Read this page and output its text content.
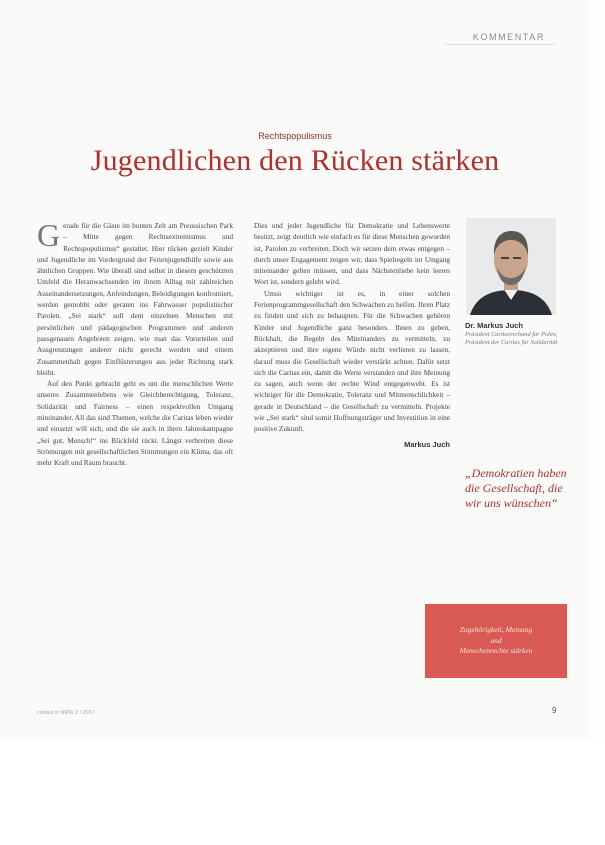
KOMMENTAR
Rechtspopulismus
Jugendlichen den Rücken stärken

Gerade für die Gäste im bunten Zelt am Preussischen Park – Mitte gegen Rechtsextremismus und Rechtspopulismus“ gestaltet. Hier rücken gezielt Kinder und Jugendliche im Vordergrund der Ferienjugendhilfe sowie aus ähnlichen Gruppen. Wie überall sind selbst in diesem geschützten Umfeld die Heranwachsenden im ihrem Alltag mit zahlreichen Auseinandersetzungen, Anfeindungen, Beleidigungen konfrontiert, werden gemobbt oder geraten ins Fahrwasser populistischer Parolen. „Sei stark“ soll dem einzelnen Menschen mit persönlichen und pädagogischen Programmen und anderen passgenauen Angeboten zeigen, wie man das Vorurteilen und Ausgrenzungen anderer nicht gerecht werden und einem Zusammenhalt gegen Einflüsterungen aus jeder Richtung stark bleibt.

Auf den Punkt gebracht geht es um die menschlichen Werte unseres Zusammenlebens wie Gleichberechtigung, Toleranz, Solidarität und Fairness – einen respektvollen Umgang miteinander. All das sind Themen, welche die Caritas leben wieder und einsetzt will sich, und die sie auch in ihren Jahreskampagne „Sei gut, Mensch!“ ins Blickfeld rückt. Längst verbreiten diese Strömungen mit gesellschaftlichen Stimmungen ein Klima, das oft mehr Kraft und Raum braucht.

Dies und jeder Jugendliche für Demokratie und Lebenswerte besitzt, zeigt deutlich wie einfach es für diese Menschen geworden ist, Parolen zu verbreiten. Doch wir setzen dem etwas entgegen – durch unser Engagement zeigen wir, dass Spielregeln im Umgang miteinander gelten müssen, und dass Nächstenliebe kein leeres Wort ist, sondern gelebt wird.

Umso wichtiger ist es, in einer solchen Ferienprogrammgesellschaft den Schwachen zu helfen. Ihren Platz zu finden und sich zu behaupten. Für die Schwachen gehören Kinder und Jugendliche ganz besonders. Ihnen zu geben, Rückhalt, die Regeln des Miteinanders zu vermitteln, zu akzeptieren und ihre eigene Würde nicht verlieren zu lassen, darauf muss die Gesellschaft wieder verstärkt achten. Dafür setzt sich die Caritas ein, damit die Werte verstanden und ihre Meinung zu sagen, auch wenn der rechte Wind entgegenweht. Es ist wichtiger für die Demokratie, Toleranz und Mitmenschlichkeit – gerade in Deutschland – die Gesellschaft zu vermitteln. Projekte wie „Sei stark“ sind somit Hoffnungsträger und Investition in eine positive Zukunft.

Markus Juch
Dr. Markus Juch
Präsident Caritasverband für Polen, Präsident der Caritas für Solidarität
„Demokratien haben die Gesellschaft, die wir uns wünschen“
Zugehörigkeit, Meinung
und
Menschenrechte stärken
caritas in NRW 2 / 2017	9
